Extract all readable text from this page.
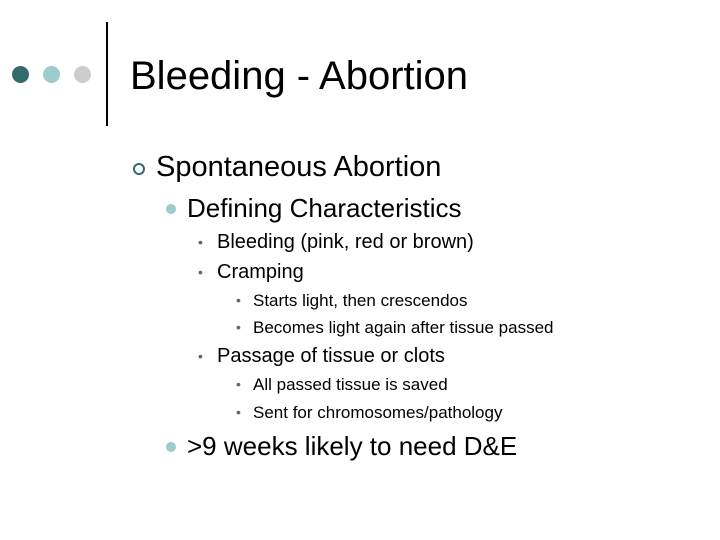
Bleeding - Abortion
Spontaneous Abortion
Defining Characteristics
• Bleeding (pink, red or brown)
• Cramping
• Starts light, then crescendos
• Becomes light again after tissue passed
• Passage of tissue or clots
• All passed tissue is saved
• Sent for chromosomes/pathology
>9 weeks likely to need D&E
